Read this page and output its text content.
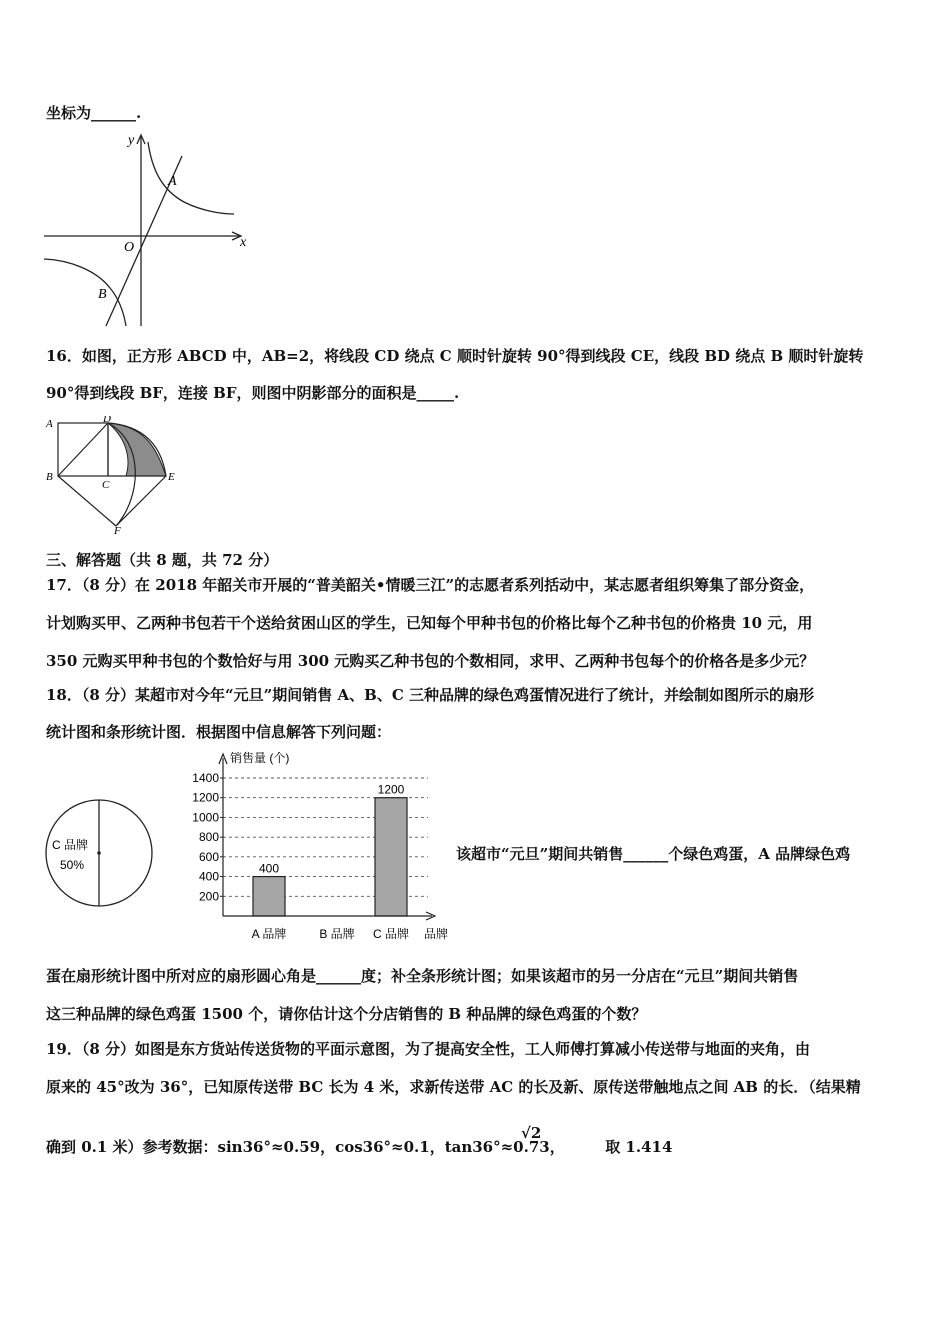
坐标为______.
y
x
O
A
B
16．如图，正方形 ABCD 中，AB=2，将线段 CD 绕点 C 顺时针旋转 90°得到线段 CE，线段 BD 绕点 B 顺时针旋转
90°得到线段 BF，连接 BF，则图中阴影部分的面积是_____.
A	D
B
C
E
F
三、解答题（共 8 题，共 72 分）
17．（8 分）在 2018 年韶关市开展的“普美韶关•情暖三江”的志愿者系列括动中，某志愿者组织筹集了部分资金，
计划购买甲、乙两种书包若干个送给贫困山区的学生，已知每个甲种书包的价格比每个乙种书包的价格贵 10 元，用
350 元购买甲种书包的个数恰好与用 300 元购买乙种书包的个数相同，求甲、乙两种书包每个的价格各是多少元？
18．（8 分）某超市对今年“元旦”期间销售 A、B、C 三种品牌的绿色鸡蛋情况进行了统计，并绘制如图所示的扇形
统计图和条形统计图．根据图中信息解答下列问题：
C 品牌
50%	400
1200
1400
1200
1000
800
600
400
200
A 品牌	B 品牌 C 品牌
销售量 (个)
品牌
该超市“元旦”期间共销售______个绿色鸡蛋，A 品牌绿色鸡
蛋在扇形统计图中所对应的扇形圆心角是______度；补全条形统计图；如果该超市的另一分店在“元旦”期间共销售
这三种品牌的绿色鸡蛋 1500 个，请你估计这个分店销售的 B 种品牌的绿色鸡蛋的个数？
19．（8 分）如图是东方货站传送货物的平面示意图，为了提高安全性，工人师傅打算减小传送带与地面的夹角，由
原来的 45°改为 36°，已知原传送带 BC 长为 4 米，求新传送带 AC 的长及新、原传送带触地点之间 AB 的长．（结果精
确到 0.1 米）参考数据：sin36°≈0.59，cos36°≈0.1，tan36°≈0.73，	取 1.414
√2
